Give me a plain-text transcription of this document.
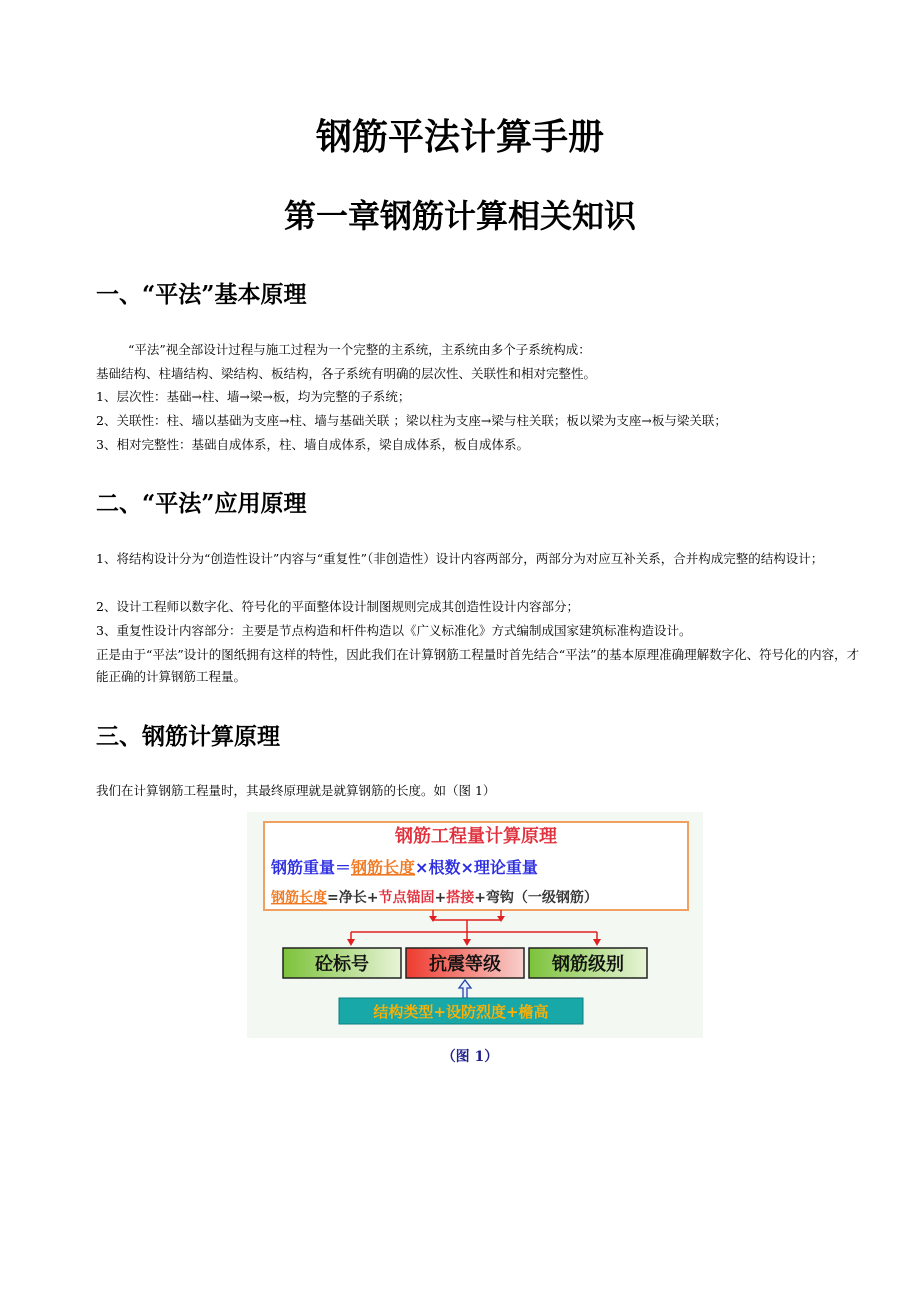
钢筋平法计算手册
第一章钢筋计算相关知识
一、“平法”基本原理

“平法”视全部设计过程与施工过程为一个完整的主系统，主系统由多个子系统构成：

基础结构、柱墙结构、梁结构、板结构，各子系统有明确的层次性、关联性和相对完整性。

1、层次性：基础→柱、墙→梁→板，均为完整的子系统；

2、关联性：柱、墙以基础为支座→柱、墙与基础关联 ；梁以柱为支座→梁与柱关联；板以梁为支座→板与梁关联；

3、相对完整性：基础自成体系，柱、墙自成体系，梁自成体系，板自成体系。

二、“平法”应用原理

1、将结构设计分为“创造性设计”内容与“重复性”（非创造性）设计内容两部分，两部分为对应互补关系，合并构成完整的结构设计；

2、设计工程师以数字化、符号化的平面整体设计制图规则完成其创造性设计内容部分；

3、重复性设计内容部分：主要是节点构造和杆件构造以《广义标准化》方式编制成国家建筑标准构造设计。

正是由于“平法”设计的图纸拥有这样的特性，因此我们在计算钢筋工程量时首先结合“平法”的基本原理准确理解数字化、符号化的内容，才能正确的计算钢筋工程量。

三、钢筋计算原理

我们在计算钢筋工程量时，其最终原理就是就算钢筋的长度。如（图 1）

钢筋工程量计算原理
钢筋重量＝钢筋长度×根数×理论重量
钢筋长度=净长+节点锚固+搭接+弯钩（一级钢筋）
砼标号	抗震等级	钢筋级别
结构类型+设防烈度+檐高

（图 1）
